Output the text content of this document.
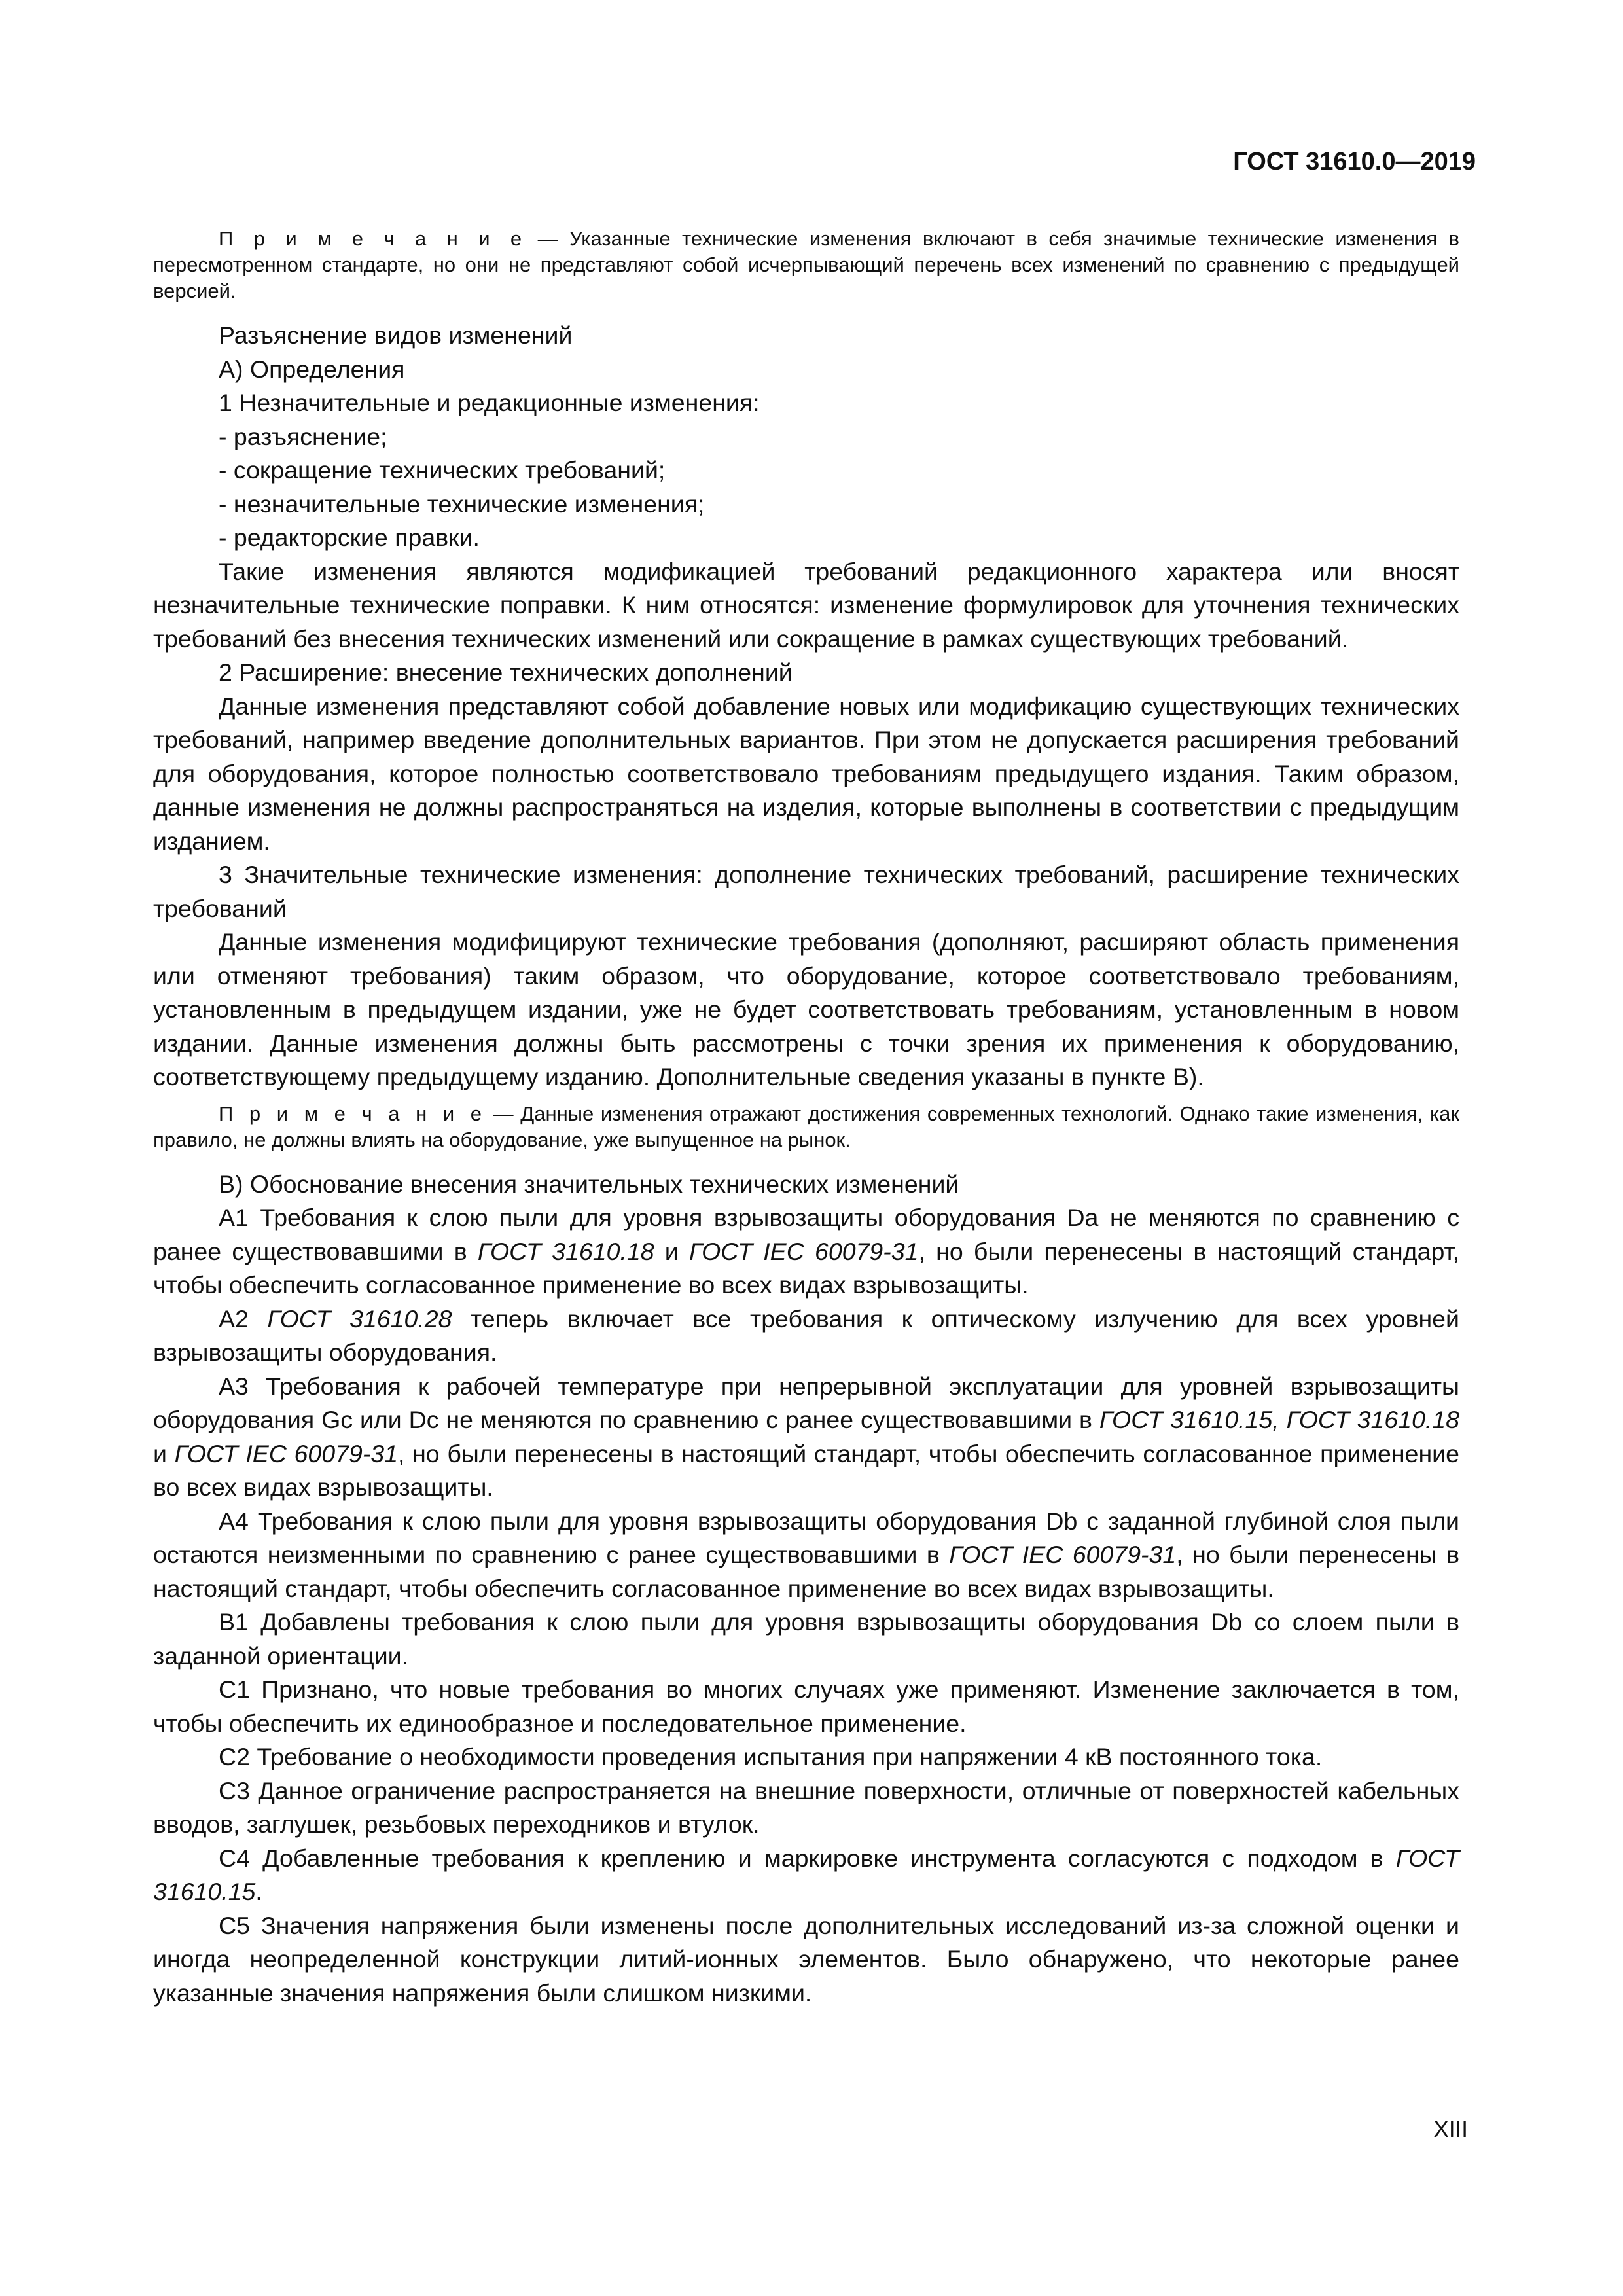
ГОСТ 31610.0—2019

П р и м е ч а н и е — Указанные технические изменения включают в себя значимые технические изменения в пересмотренном стандарте, но они не представляют собой исчерпывающий перечень всех изменений по сравнению с предыдущей версией.

Разъяснение видов изменений

А) Определения

1 Незначительные и редакционные изменения:

- разъяснение;

- сокращение технических требований;

- незначительные технические изменения;

- редакторские правки.

Такие изменения являются модификацией требований редакционного характера или вносят незначительные технические поправки. К ним относятся: изменение формулировок для уточнения технических требований без внесения технических изменений или сокращение в рамках существующих требований.

2 Расширение: внесение технических дополнений

Данные изменения представляют собой добавление новых или модификацию существующих технических требований, например введение дополнительных вариантов. При этом не допускается расширения требований для оборудования, которое полностью соответствовало требованиям предыдущего издания. Таким образом, данные изменения не должны распространяться на изделия, которые выполнены в соответствии с предыдущим изданием.

3 Значительные технические изменения: дополнение технических требований, расширение технических требований

Данные изменения модифицируют технические требования (дополняют, расширяют область применения или отменяют требования) таким образом, что оборудование, которое соответствовало требованиям, установленным в предыдущем издании, уже не будет соответствовать требованиям, установленным в новом издании. Данные изменения должны быть рассмотрены с точки зрения их применения к оборудованию, соответствующему предыдущему изданию. Дополнительные сведения указаны в пункте В).

П р и м е ч а н и е — Данные изменения отражают достижения современных технологий. Однако такие изменения, как правило, не должны влиять на оборудование, уже выпущенное на рынок.

В) Обоснование внесения значительных технических изменений

A1 Требования к слою пыли для уровня взрывозащиты оборудования Da не меняются по сравнению с ранее существовавшими в ГОСТ 31610.18 и ГОСТ IEC 60079-31, но были перенесены в настоящий стандарт, чтобы обеспечить согласованное применение во всех видах взрывозащиты.

A2 ГОСТ 31610.28 теперь включает все требования к оптическому излучению для всех уровней взрывозащиты оборудования.

A3 Требования к рабочей температуре при непрерывной эксплуатации для уровней взрывозащиты оборудования Gc или Dc не меняются по сравнению с ранее существовавшими в ГОСТ 31610.15, ГОСТ 31610.18 и ГОСТ IEC 60079-31, но были перенесены в настоящий стандарт, чтобы обеспечить согласованное применение во всех видах взрывозащиты.

A4 Требования к слою пыли для уровня взрывозащиты оборудования Db с заданной глубиной слоя пыли остаются неизменными по сравнению с ранее существовавшими в ГОСТ IEC 60079-31, но были перенесены в настоящий стандарт, чтобы обеспечить согласованное применение во всех видах взрывозащиты.

B1 Добавлены требования к слою пыли для уровня взрывозащиты оборудования Db со слоем пыли в заданной ориентации.

C1 Признано, что новые требования во многих случаях уже применяют. Изменение заключается в том, чтобы обеспечить их единообразное и последовательное применение.

C2 Требование о необходимости проведения испытания при напряжении 4 кВ постоянного тока.

C3 Данное ограничение распространяется на внешние поверхности, отличные от поверхностей кабельных вводов, заглушек, резьбовых переходников и втулок.

C4 Добавленные требования к креплению и маркировке инструмента согласуются с подходом в ГОСТ 31610.15.

C5 Значения напряжения были изменены после дополнительных исследований из-за сложной оценки и иногда неопределенной конструкции литий-ионных элементов. Было обнаружено, что некоторые ранее указанные значения напряжения были слишком низкими.

XIII
